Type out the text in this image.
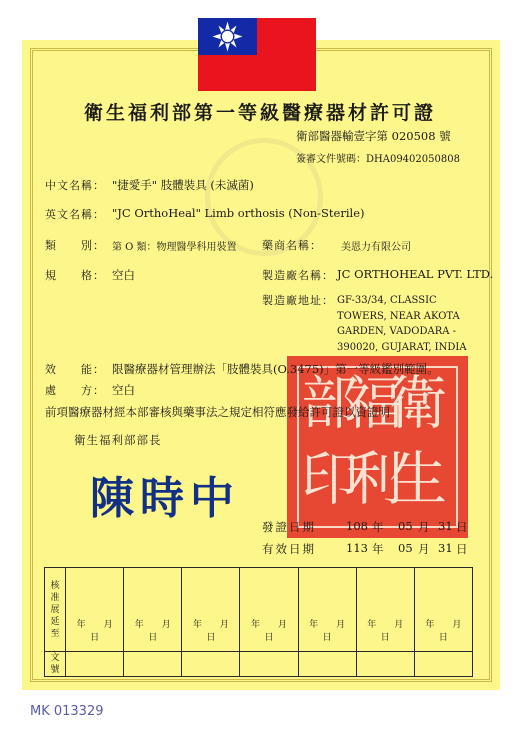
衛生福利部第一等級醫療器材許可證
衛部醫器輸壹字第 020508 號
簽審文件號碼：DHA09402050808
中文名稱： "捷愛手" 肢體裝具 (未滅菌)
英文名稱： "JC OrthoHeal" Limb orthosis (Non-Sterile)
類　　別： 第 O 類：物理醫學科用裝置 藥商名稱： 美恩力有限公司
規　　格： 空白	製造廠名稱： JC ORTHOHEAL PVT. LTD.
製造廠地址： GF-33/34, CLASSIC
TOWERS, NEAR AKOTA
GARDEN, VADODARA -
390020, GUJARAT, INDIA
衛
福
部
生
利
印
效　　能： 限醫療器材管理辦法「肢體裝具(O.3475)」第一等級鑑別範圍。
處　　方： 空白
前項醫療器材經本部審核與藥事法之規定相符應發給許可證以資證明
衛生福利部部長
陳時中
發證日期	108 年 05 月 31 日
有效日期	113 年 05 月 31 日
核
准
展
延
至	年　　月　　日	年　　月　　日	年　　月　　日	年　　月　　日	年　　月　　日	年　　月　　日	年　　月　　日
文
號							
MK 013329
